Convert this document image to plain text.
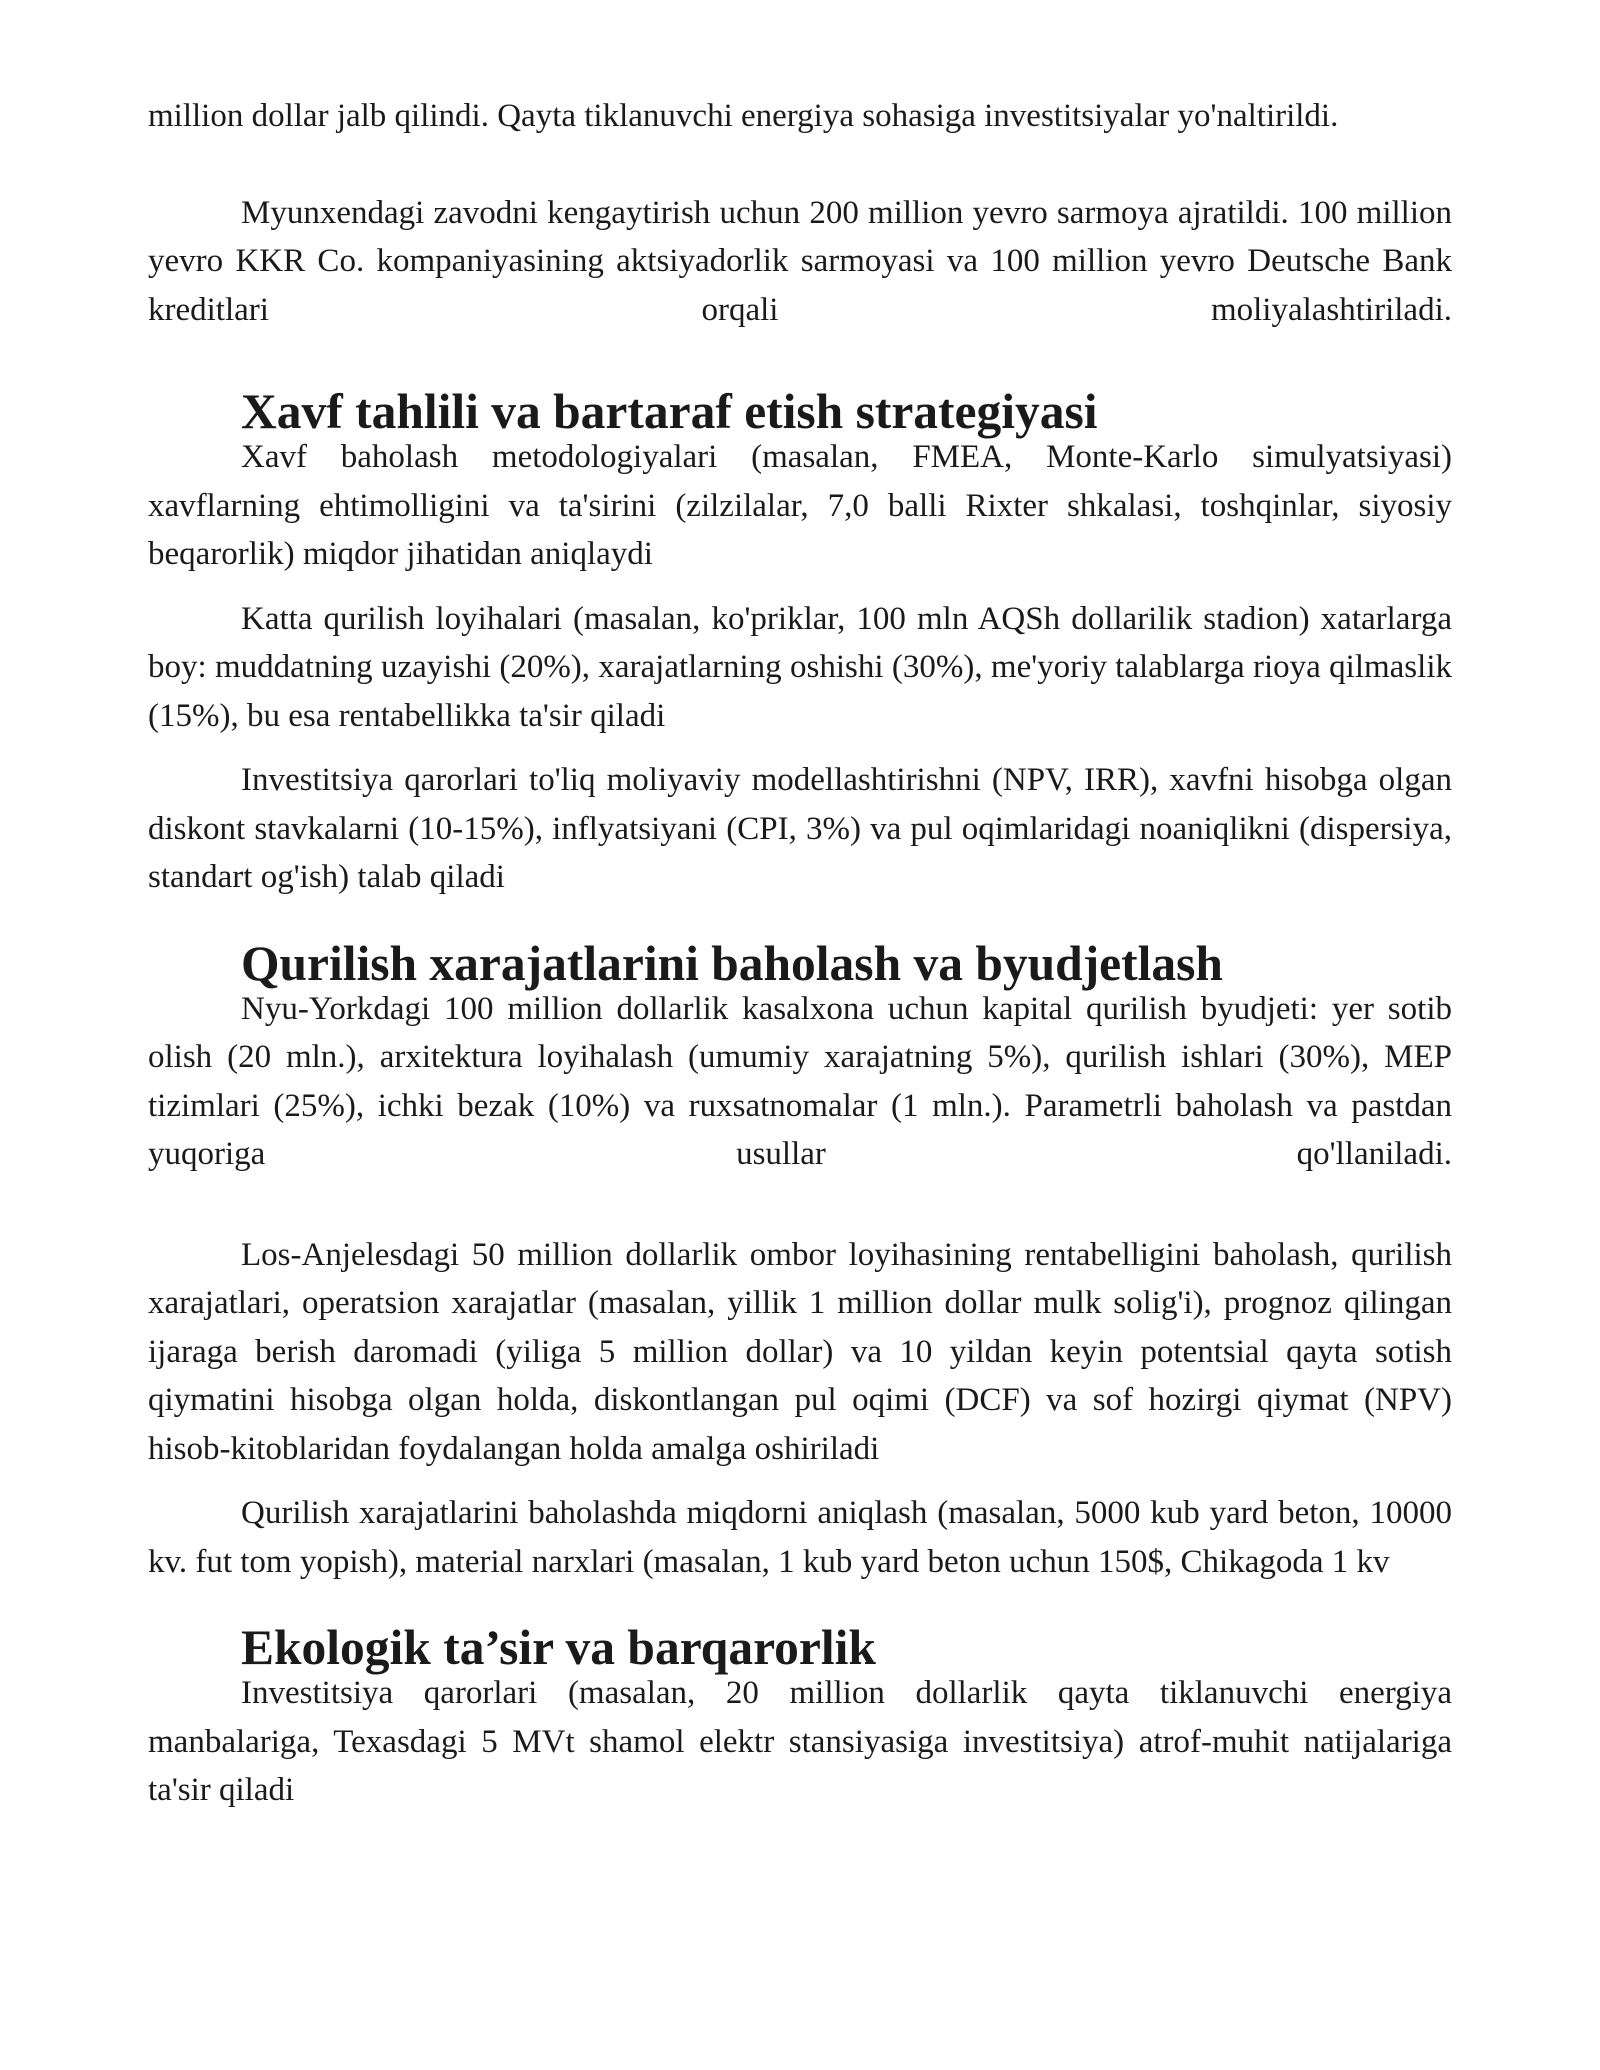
million dollar jalb qilindi. Qayta tiklanuvchi energiya sohasiga investitsiyalar yo'naltirildi.

Myunxendagi zavodni kengaytirish uchun 200 million yevro sarmoya ajratildi. 100 million yevro KKR Co. kompaniyasining aktsiyadorlik sarmoyasi va 100 million yevro Deutsche Bank kreditlari orqali moliyalashtiriladi.

Xavf tahlili va bartaraf etish strategiyasi

Xavf baholash metodologiyalari (masalan, FMEA, Monte-Karlo simulyatsiyasi) xavflarning ehtimolligini va ta'sirini (zilzilalar, 7,0 balli Rixter shkalasi, toshqinlar, siyosiy beqarorlik) miqdor jihatidan aniqlaydi

Katta qurilish loyihalari (masalan, ko'priklar, 100 mln AQSh dollarilik stadion) xatarlarga boy: muddatning uzayishi (20%), xarajatlarning oshishi (30%), me'yoriy talablarga rioya qilmaslik (15%), bu esa rentabellikka ta'sir qiladi

Investitsiya qarorlari to'liq moliyaviy modellashtirishni (NPV, IRR), xavfni hisobga olgan diskont stavkalarni (10-15%), inflyatsiyani (CPI, 3%) va pul oqimlaridagi noaniqlikni (dispersiya, standart og'ish) talab qiladi

Qurilish xarajatlarini baholash va byudjetlash

Nyu-Yorkdagi 100 million dollarlik kasalxona uchun kapital qurilish byudjeti: yer sotib olish (20 mln.), arxitektura loyihalash (umumiy xarajatning 5%), qurilish ishlari (30%), MEP tizimlari (25%), ichki bezak (10%) va ruxsatnomalar (1 mln.). Parametrli baholash va pastdan yuqoriga usullar qo'llaniladi.

Los-Anjelesdagi 50 million dollarlik ombor loyihasining rentabelligini baholash, qurilish xarajatlari, operatsion xarajatlar (masalan, yillik 1 million dollar mulk solig'i), prognoz qilingan ijaraga berish daromadi (yiliga 5 million dollar) va 10 yildan keyin potentsial qayta sotish qiymatini hisobga olgan holda, diskontlangan pul oqimi (DCF) va sof hozirgi qiymat (NPV) hisob-kitoblaridan foydalangan holda amalga oshiriladi

Qurilish xarajatlarini baholashda miqdorni aniqlash (masalan, 5000 kub yard beton, 10000 kv. fut tom yopish), material narxlari (masalan, 1 kub yard beton uchun 150$, Chikagoda 1 kv

Ekologik ta’sir va barqarorlik

Investitsiya qarorlari (masalan, 20 million dollarlik qayta tiklanuvchi energiya manbalariga, Texasdagi 5 MVt shamol elektr stansiyasiga investitsiya) atrof-muhit natijalariga ta'sir qiladi
